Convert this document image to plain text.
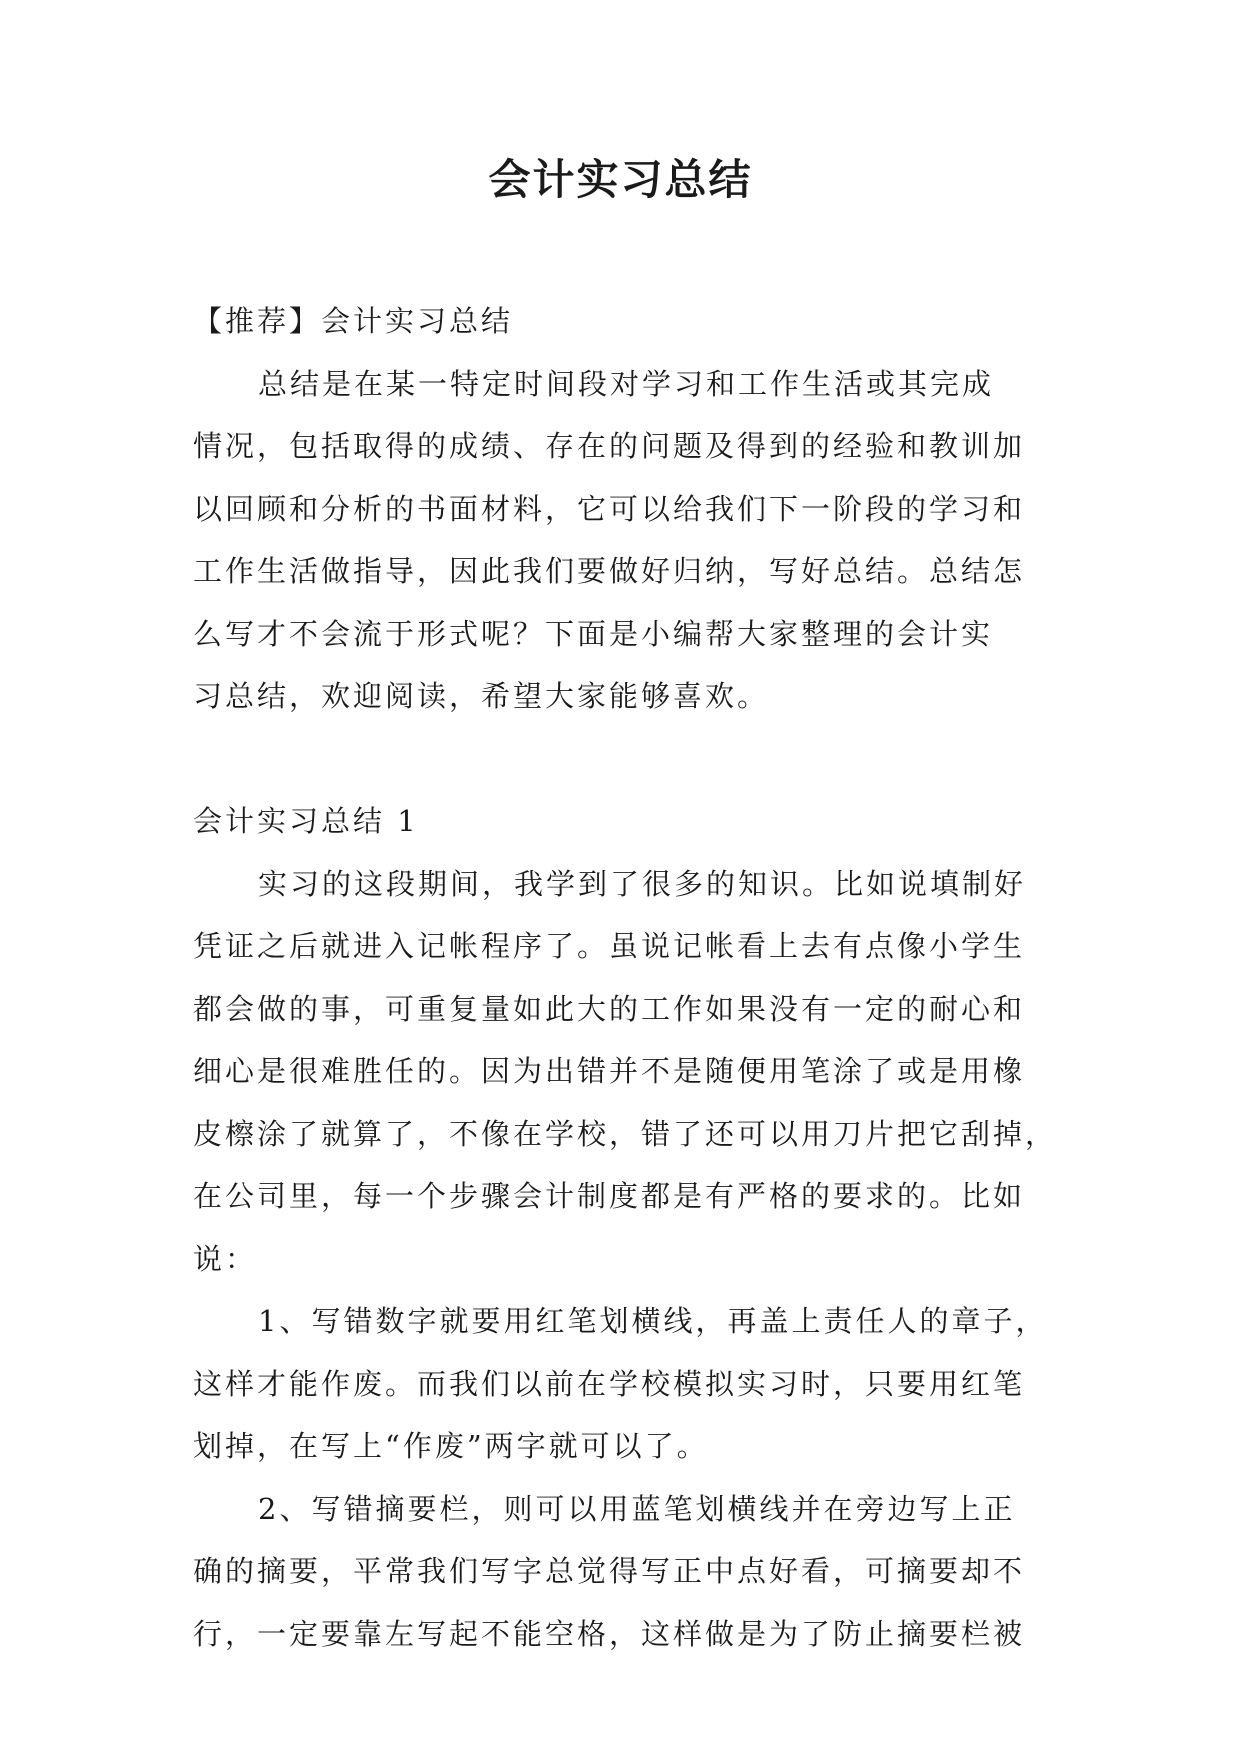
会计实习总结
【推荐】会计实习总结
总结是在某一特定时间段对学习和工作生活或其完成
情况，包括取得的成绩、存在的问题及得到的经验和教训加
以回顾和分析的书面材料，它可以给我们下一阶段的学习和
工作生活做指导，因此我们要做好归纳，写好总结。总结怎
么写才不会流于形式呢？下面是小编帮大家整理的会计实
习总结，欢迎阅读，希望大家能够喜欢。
会计实习总结 1
实习的这段期间，我学到了很多的知识。比如说填制好
凭证之后就进入记帐程序了。虽说记帐看上去有点像小学生
都会做的事，可重复量如此大的工作如果没有一定的耐心和
细心是很难胜任的。因为出错并不是随便用笔涂了或是用橡
皮檫涂了就算了，不像在学校，错了还可以用刀片把它刮掉，
在公司里，每一个步骤会计制度都是有严格的要求的。比如
说：
1、写错数字就要用红笔划横线，再盖上责任人的章子，
这样才能作废。而我们以前在学校模拟实习时，只要用红笔
划掉，在写上“作废”两字就可以了。
2、写错摘要栏，则可以用蓝笔划横线并在旁边写上正
确的摘要，平常我们写字总觉得写正中点好看，可摘要却不
行，一定要靠左写起不能空格，这样做是为了防止摘要栏被
